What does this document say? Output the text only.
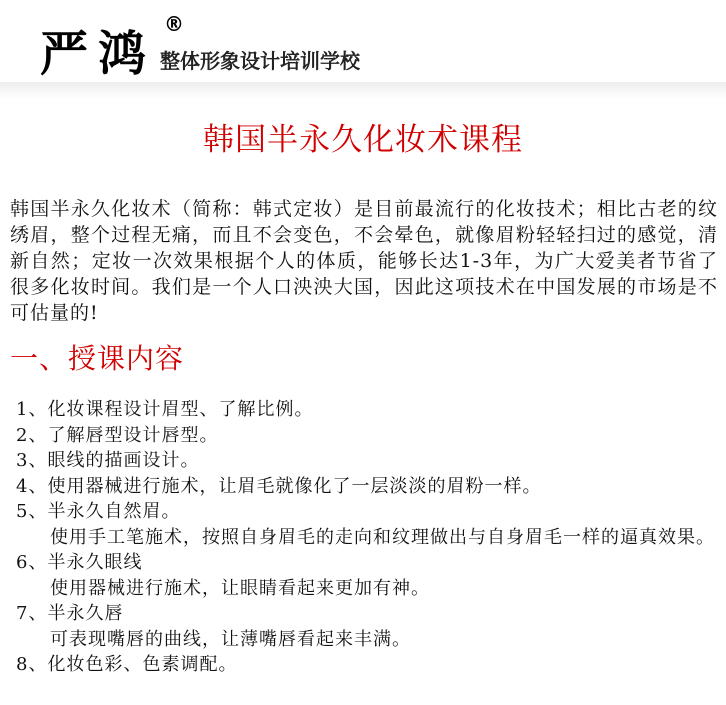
严鸿 整体形象设计培训学校
®
韩国半永久化妆术课程
韩国半永久化妆术（简称：韩式定妆）是目前最流行的化妆技术；相比古老的纹绣眉，整个过程无痛，而且不会变色，不会晕色，就像眉粉轻轻扫过的感觉，清新自然；定妆一次效果根据个人的体质，能够长达1-3年，为广大爱美者节省了很多化妆时间。我们是一个人口泱泱大国，因此这项技术在中国发展的市场是不可估量的!
一、授课内容

1、化妆课程设计眉型、了解比例。

2、了解唇型设计唇型。

3、眼线的描画设计。

4、使用器械进行施术，让眉毛就像化了一层淡淡的眉粉一样。

5、半永久自然眉。

使用手工笔施术，按照自身眉毛的走向和纹理做出与自身眉毛一样的逼真效果。

6、半永久眼线

使用器械进行施术，让眼睛看起来更加有神。

7、半永久唇

可表现嘴唇的曲线，让薄嘴唇看起来丰满。

8、化妆色彩、色素调配。
